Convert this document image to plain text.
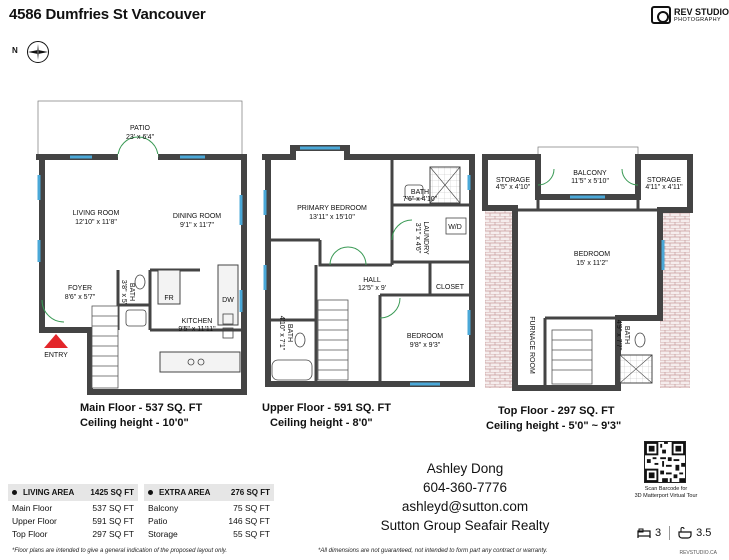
4586 Dumfries St Vancouver	REV STUDIO
PHOTOGRAPHY
N
PATIO
23' x 6'4"
LIVING ROOM
12'10" x 11'8"
DINING ROOM
9'1" x 11'7"
FOYER
8'6" x 5'7"	FR	DW
KITCHEN
9'5" x 11'11"
ENTRY
PRIMARY BEDROOM
13'11" x 15'10"
BATH
7'6" x 4'10"
W/D
HALL
12'5" x 9'	CLOSET
BEDROOM
9'8" x 9'3"
STORAGE
4'5" x 4'10"
BALCONY
11'5" x 5'10"	STORAGE
4'11" x 4'11"
BEDROOM
15' x 11'2"
BATH
3'8" x 5'
LAUNDRY
3'1" x 4'6"
BATH
4'10" x 7'1"	FURNACE ROOM	BATH
4'9" x 7'7"
Main Floor - 537 SQ. FT
Ceiling height - 10'0"
Upper Floor - 591 SQ. FT
Ceiling height - 8'0"
Top Floor - 297 SQ. FT
Ceiling height - 5'0" ~ 9'3"
LIVING AREA 1425 SQ FT
Main Floor	537 SQ FT
Upper Floor	591 SQ FT
Top Floor	297 SQ FT
EXTRA AREA	276 SQ FT
Balcony	75 SQ FT
Patio	146 SQ FT
Storage	55 SQ FT
Ashley Dong
604-360-7776
ashleyd@sutton.com
Sutton Group Seafair Realty
Scan Barcode for
3D Matterport Virtual Tour
3	3.5
*Floor plans are intended to give a general indication of the proposed layout only.	*All dimensions are not guaranteed, not intended to form part any contract or warranty.	REVSTUDIO.CA
